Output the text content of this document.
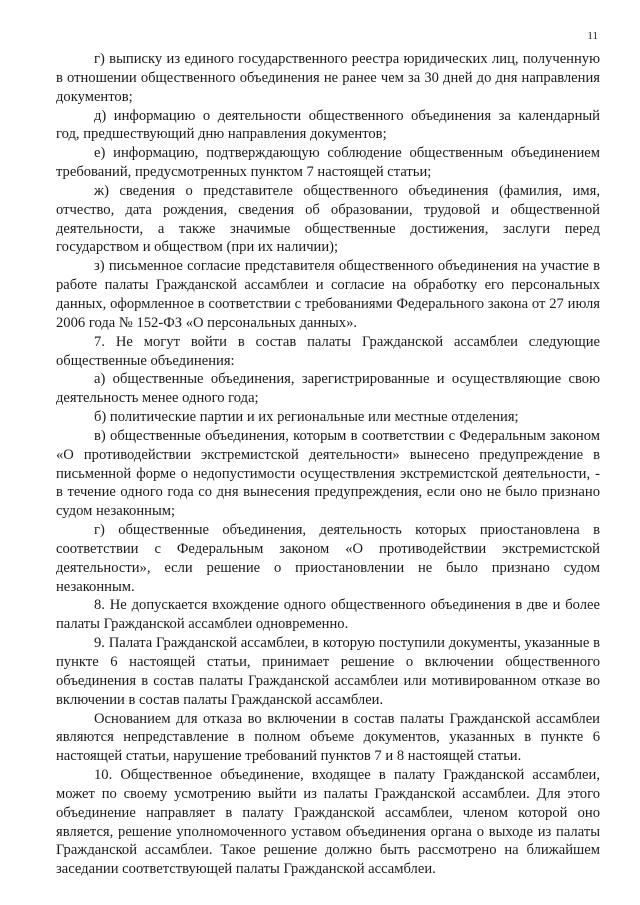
11

г) выписку из единого государственного реестра юридических лиц, полученную в отношении общественного объединения не ранее чем за 30 дней до дня направления документов;

д) информацию о деятельности общественного объединения за календарный год, предшествующий дню направления документов;

е) информацию, подтверждающую соблюдение общественным объединением требований, предусмотренных пунктом 7 настоящей статьи;

ж) сведения о представителе общественного объединения (фамилия, имя, отчество, дата рождения, сведения об образовании, трудовой и общественной деятельности, а также значимые общественные достижения, заслуги перед государством и обществом (при их наличии);

з) письменное согласие представителя общественного объединения на участие в работе палаты Гражданской ассамблеи и согласие на обработку его персональных данных, оформленное в соответствии с требованиями Федерального закона от 27 июля 2006 года № 152-ФЗ «О персональных данных».

7. Не могут войти в состав палаты Гражданской ассамблеи следующие общественные объединения:

а) общественные объединения, зарегистрированные и осуществляющие свою деятельность менее одного года;

б) политические партии и их региональные или местные отделения;

в) общественные объединения, которым в соответствии с Федеральным законом «О противодействии экстремистской деятельности» вынесено предупреждение в письменной форме о недопустимости осуществления экстремистской деятельности, - в течение одного года со дня вынесения предупреждения, если оно не было признано судом незаконным;

г) общественные объединения, деятельность которых приостановлена в соответствии с Федеральным законом «О противодействии экстремистской деятельности», если решение о приостановлении не было признано судом незаконным.

8. Не допускается вхождение одного общественного объединения в две и более палаты Гражданской ассамблеи одновременно.

9. Палата Гражданской ассамблеи, в которую поступили документы, указанные в пункте 6 настоящей статьи, принимает решение о включении общественного объединения в состав палаты Гражданской ассамблеи или мотивированном отказе во включении в состав палаты Гражданской ассамблеи.

Основанием для отказа во включении в состав палаты Гражданской ассамблеи являются непредставление в полном объеме документов, указанных в пункте 6 настоящей статьи, нарушение требований пунктов 7 и 8 настоящей статьи.

10. Общественное объединение, входящее в палату Гражданской ассамблеи, может по своему усмотрению выйти из палаты Гражданской ассамблеи. Для этого объединение направляет в палату Гражданской ассамблеи, членом которой оно является, решение уполномоченного уставом объединения органа о выходе из палаты Гражданской ассамблеи. Такое решение должно быть рассмотрено на ближайшем заседании соответствующей палаты Гражданской ассамблеи.
